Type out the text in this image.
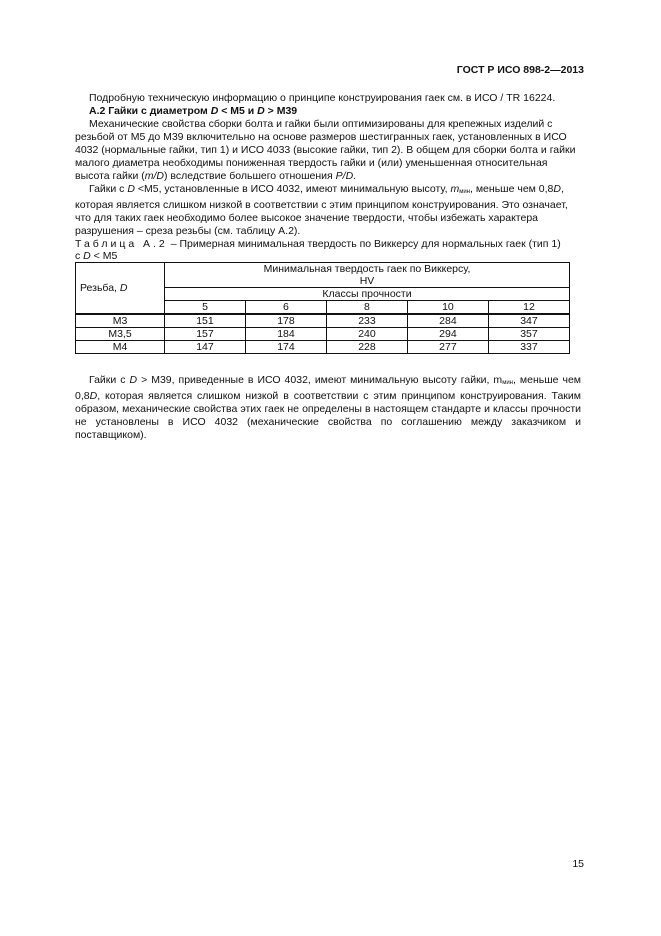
ГОСТ Р ИСО 898-2—2013

Подробную техническую информацию о принципе конструирования гаек см. в ИСО / TR 16224.

А.2 Гайки с диаметром D < M5 и D > M39

Механические свойства сборки болта и гайки были оптимизированы для крепежных изделий с резьбой от M5 до M39 включительно на основе размеров шестигранных гаек, установленных в ИСО 4032 (нормальные гайки, тип 1) и ИСО 4033 (высокие гайки, тип 2). В общем для сборки болта и гайки малого диаметра необходимы пониженная твердость гайки и (или) уменьшенная относительная высота гайки (m/D) вследствие большего отношения P/D.

Гайки с D <M5, установленные в ИСО 4032, имеют минимальную высоту, $m_{мин}$, меньше чем 0,8D, которая является слишком низкой в соответствии с этим принципом конструирования. Это означает, что для таких гаек необходимо более высокое значение твердости, чтобы избежать характера разрушения – среза резьбы (см. таблицу А.2).

Таблица А.2 – Примерная минимальная твердость по Виккерсу для нормальных гаек (тип 1)
с D < M5

Резьба, D	Минимальная твердость гаек по Виккерсу,
HV				
	Классы прочности				
	5	6	8	10	12
M3	151	178	233	284	347
M3,5	157	184	240	294	357
M4	147	174	228	277	337

Гайки с D > M39, приведенные в ИСО 4032, имеют минимальную высоту гайки, $m_{мин}$, меньше чем 0,8D, которая является слишком низкой в соответствии с этим принципом конструирования. Таким образом, механические свойства этих гаек не определены в настоящем стандарте и классы прочности не установлены в ИСО 4032 (механические свойства по соглашению между заказчиком и поставщиком).

15
